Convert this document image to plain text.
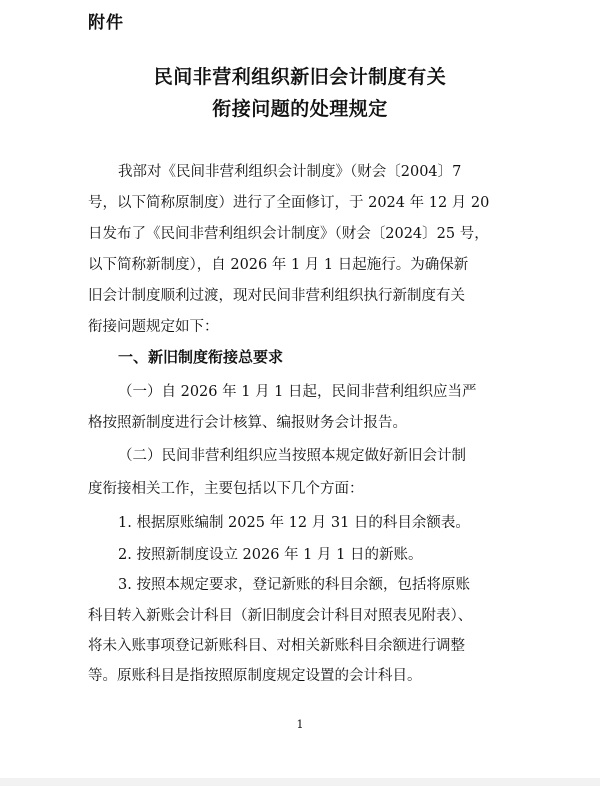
附件
民间非营利组织新旧会计制度有关
衔接问题的处理规定
我部对《民间非营利组织会计制度》（财会〔2004〕7
号，以下简称原制度）进行了全面修订，于 2024 年 12 月 20
日发布了《民间非营利组织会计制度》（财会〔2024〕25 号，
以下简称新制度），自 2026 年 1 月 1 日起施行。为确保新
旧会计制度顺利过渡，现对民间非营利组织执行新制度有关
衔接问题规定如下：
一、新旧制度衔接总要求
（一）自 2026 年 1 月 1 日起，民间非营利组织应当严
格按照新制度进行会计核算、编报财务会计报告。
（二）民间非营利组织应当按照本规定做好新旧会计制
度衔接相关工作，主要包括以下几个方面：
1. 根据原账编制 2025 年 12 月 31 日的科目余额表。
2. 按照新制度设立 2026 年 1 月 1 日的新账。
3. 按照本规定要求，登记新账的科目余额，包括将原账
科目转入新账会计科目（新旧制度会计科目对照表见附表）、
将未入账事项登记新账科目、对相关新账科目余额进行调整
等。原账科目是指按照原制度规定设置的会计科目。
1
